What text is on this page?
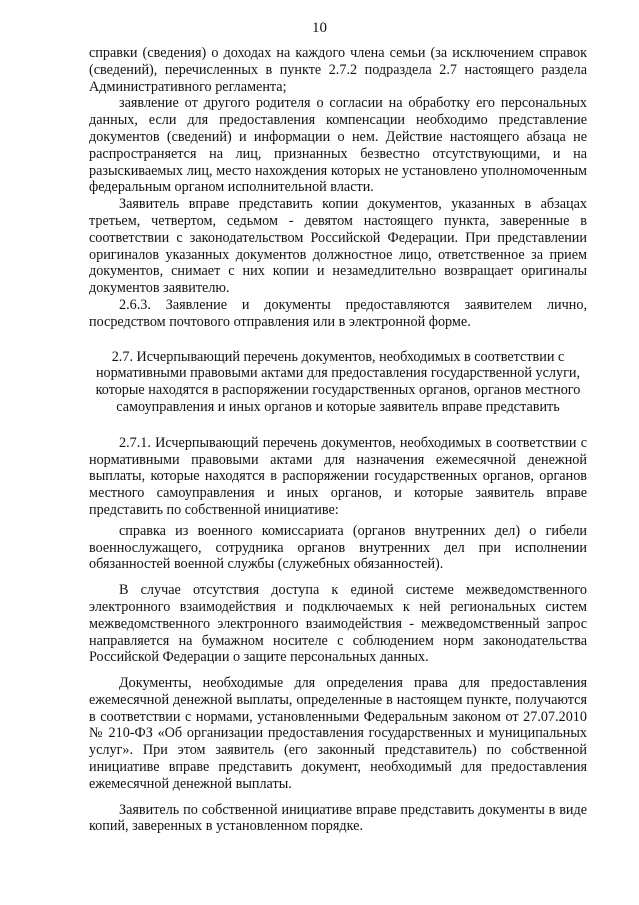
10

справки (сведения) о доходах на каждого члена семьи (за исключением справок (сведений), перечисленных в пункте 2.7.2 подраздела 2.7 настоящего раздела Административного регламента;

заявление от другого родителя о согласии на обработку его персональных данных, если для предоставления компенсации необходимо представление документов (сведений) и информации о нем. Действие настоящего абзаца не распространяется на лиц, признанных безвестно отсутствующими, и на разыскиваемых лиц, место нахождения которых не установлено уполномоченным федеральным органом исполнительной власти.

Заявитель вправе представить копии документов, указанных в абзацах третьем, четвертом, седьмом - девятом настоящего пункта, заверенные в соответствии с законодательством Российской Федерации. При представлении оригиналов указанных документов должностное лицо, ответственное за прием документов, снимает с них копии и незамедлительно возвращает оригиналы документов заявителю.

2.6.3. Заявление и документы предоставляются заявителем лично, посредством почтового отправления или в электронной форме.

2.7. Исчерпывающий перечень документов, необходимых в соответствии с нормативными правовыми актами для предоставления государственной услуги, которые находятся в распоряжении государственных органов, органов местного самоуправления и иных органов и которые заявитель вправе представить

2.7.1. Исчерпывающий перечень документов, необходимых в соответствии с нормативными правовыми актами для назначения ежемесячной денежной выплаты, которые находятся в распоряжении государственных органов, органов местного самоуправления и иных органов, и которые заявитель вправе представить по собственной инициативе:

справка из военного комиссариата (органов внутренних дел) о гибели военнослужащего, сотрудника органов внутренних дел при исполнении обязанностей военной службы (служебных обязанностей).

В случае отсутствия доступа к единой системе межведомственного электронного взаимодействия и подключаемых к ней региональных систем межведомственного электронного взаимодействия - межведомственный запрос направляется на бумажном носителе с соблюдением норм законодательства Российской Федерации о защите персональных данных.

Документы, необходимые для определения права для предоставления ежемесячной денежной выплаты, определенные в настоящем пункте, получаются в соответствии с нормами, установленными Федеральным законом от 27.07.2010 № 210-ФЗ «Об организации предоставления государственных и муниципальных услуг». При этом заявитель (его законный представитель) по собственной инициативе вправе представить документ, необходимый для предоставления ежемесячной денежной выплаты.

Заявитель по собственной инициативе вправе представить документы в виде копий, заверенных в установленном порядке.
